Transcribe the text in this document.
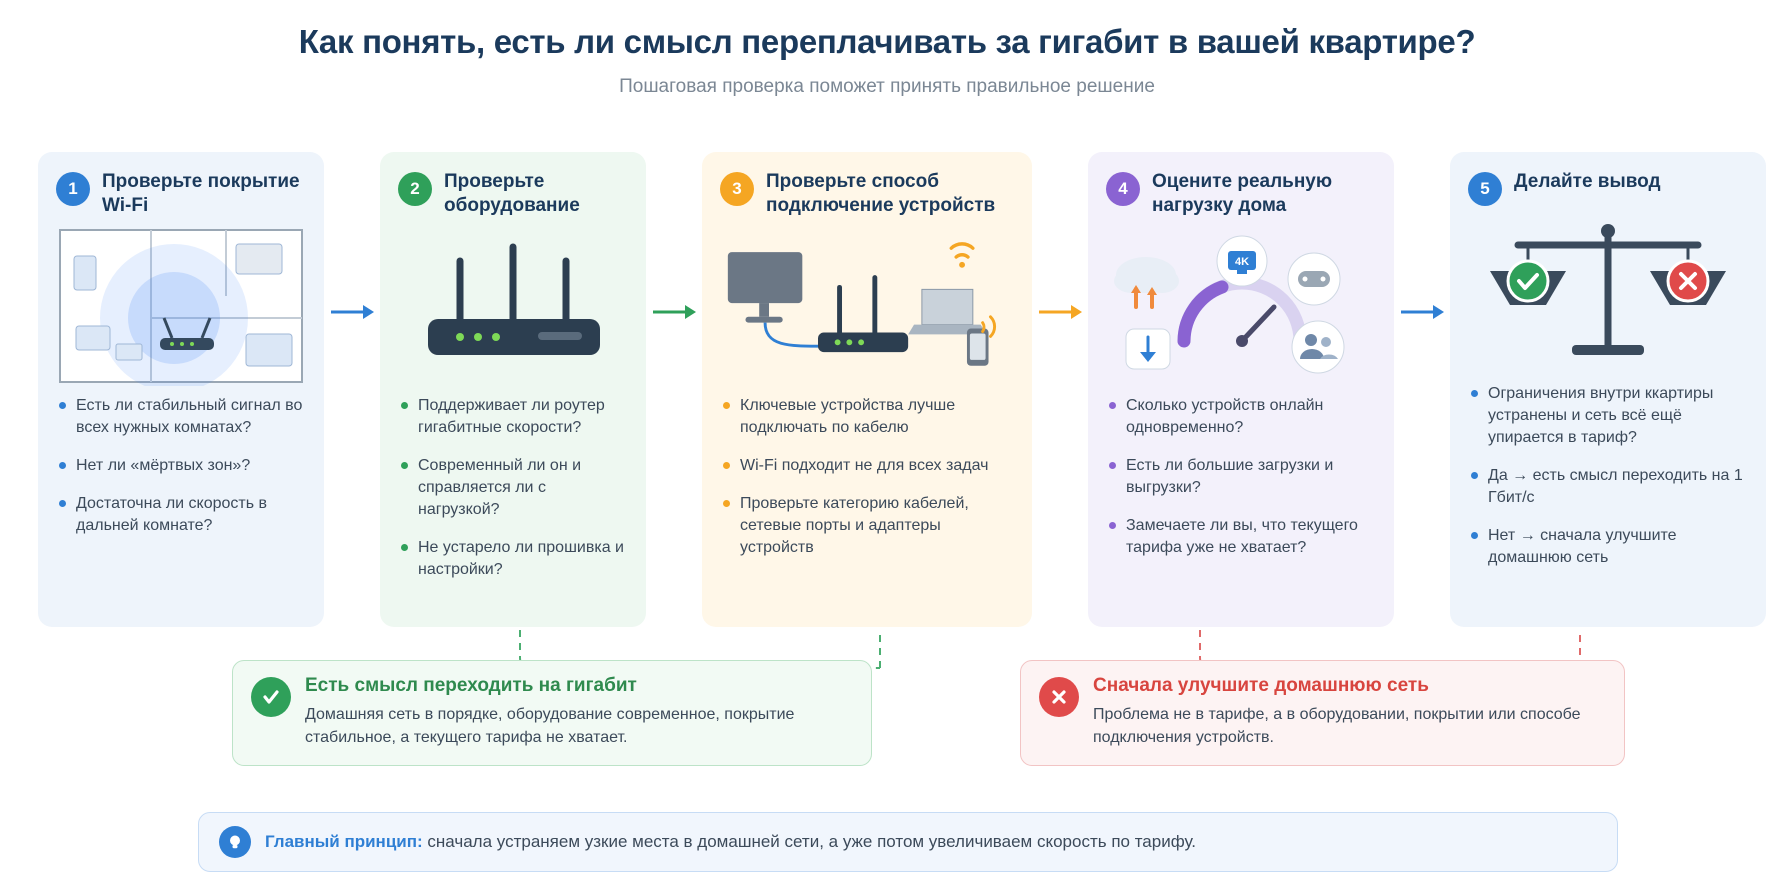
Как понять, есть ли смысл переплачивать за гигабит в вашей квартире?
Пошаговая проверка поможет принять правильное решение
1	Проверьте покрытие Wi-Fi
Есть ли стабильный сигнал во всех нужных комнатах?
Нет ли «мёртвых зон»?
Достаточна ли скорость в дальней комнате?
2	Проверьте оборудование
Поддерживает ли роутер гигабитные скорости?
Современный ли он и справляется ли с нагрузкой?
Не устарело ли прошивка и настройки?
3	Проверьте способ подключение устройств
Ключевые устройства лучше подключать по кабелю
Wi-Fi подходит не для всех задач
Проверьте категорию кабелей, сетевые порты и адаптеры устройств
4	Оцените реальную нагрузку дома
4K
Сколько устройств онлайн одновременно?
Есть ли большие загрузки и выгрузки?
Замечаете ли вы, что текущего тарифа уже не хватает?
5	Делайте вывод
Ограничения внутри ккартиры устранены и сеть всё ещё упирается в тариф?
Да → есть смысл переходить на 1 Гбит/с
Нет → сначала улучшите домашнюю сеть
Есть смысл переходить на гигабит
Домашняя сеть в порядке, оборудование современное, покрытие стабильное, а текущего тарифа не хватает.
Сначала улучшите домашнюю сеть
Проблема не в тарифе, а в оборудовании, покрытии или способе подключения устройств.
Главный принцип: сначала устраняем узкие места в домашней сети, а уже потом увеличиваем скорость по тарифу.
